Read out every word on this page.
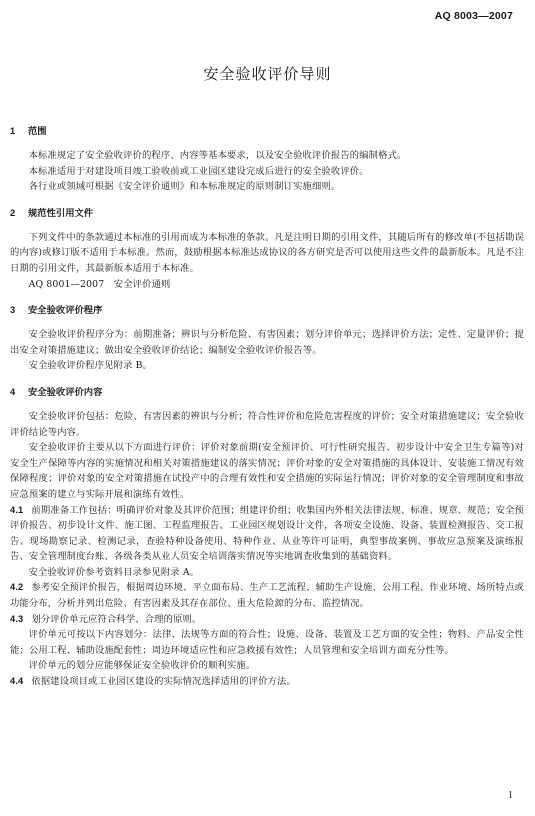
AQ 8003—2007
安全验收评价导则
1 范围

本标准规定了安全验收评价的程序、内容等基本要求，以及安全验收评价报告的编制格式。

本标准适用于对建设项目竣工验收前或工业园区建设完成后进行的安全验收评价。

各行业或领域可根据《安全评价通则》和本标准规定的原则制订实施细则。

2 规范性引用文件

下列文件中的条款通过本标准的引用而成为本标准的条款。凡是注明日期的引用文件，其随后所有的修改单(不包括勘误的内容)或修订版不适用于本标准。然而，鼓励根据本标准达成协议的各方研究是否可以使用这些文件的最新版本。凡是不注日期的引用文件，其最新版本适用于本标准。

AQ 8001—2007　安全评价通则

3 安全验收评价程序

安全验收评价程序分为：前期准备；辨识与分析危险、有害因素；划分评价单元；选择评价方法；定性、定量评价；提出安全对策措施建议；做出安全验收评价结论；编制安全验收评价报告等。

安全验收评价程序见附录 B。

4 安全验收评价内容

安全验收评价包括：危险、有害因素的辨识与分析；符合性评价和危险危害程度的评价；安全对策措施建议；安全验收评价结论等内容。

安全验收评价主要从以下方面进行评价：评价对象前期(安全预评价、可行性研究报告、初步设计中安全卫生专篇等)对安全生产保障等内容的实施情况和相关对策措施建议的落实情况；评价对象的安全对策措施的具体设计、安装施工情况有效保障程度；评价对象的安全对策措施在试投产中的合理有效性和安全措施的实际运行情况；评价对象的安全管理制度和事故应急预案的建立与实际开展和演练有效性。

4.1 前期准备工作包括：明确评价对象及其评价范围；组建评价组；收集国内外相关法律法规、标准、规章、规范；安全预评价报告、初步设计文件、施工图、工程监理报告、工业园区规划设计文件，各项安全设施、设备、装置检测报告、交工报告、现场勘察记录、检测记录，查验特种设备使用、特种作业、从业等许可证明，典型事故案例、事故应急预案及演练报告、安全管理制度台账、各级各类从业人员安全培训落实情况等实地调查收集到的基础资料。

安全验收评价参考资料目录参见附录 A。

4.2 参考安全预评价报告，根据周边环境、平立面布局、生产工艺流程、辅助生产设施、公用工程、作业环境、场所特点或功能分布，分析并列出危险、有害因素及其存在部位、重大危险源的分布、监控情况。

4.3 划分评价单元应符合科学、合理的原则。

评价单元可按以下内容划分：法律、法规等方面的符合性；设施、设备、装置及工艺方面的安全性；物料、产品安全性能；公用工程、辅助设施配套性；周边环境适应性和应急救援有效性；人员管理和安全培训方面充分性等。

评价单元的划分应能够保证安全验收评价的顺利实施。

4.4 依据建设项目或工业园区建设的实际情况选择适用的评价方法。

1
